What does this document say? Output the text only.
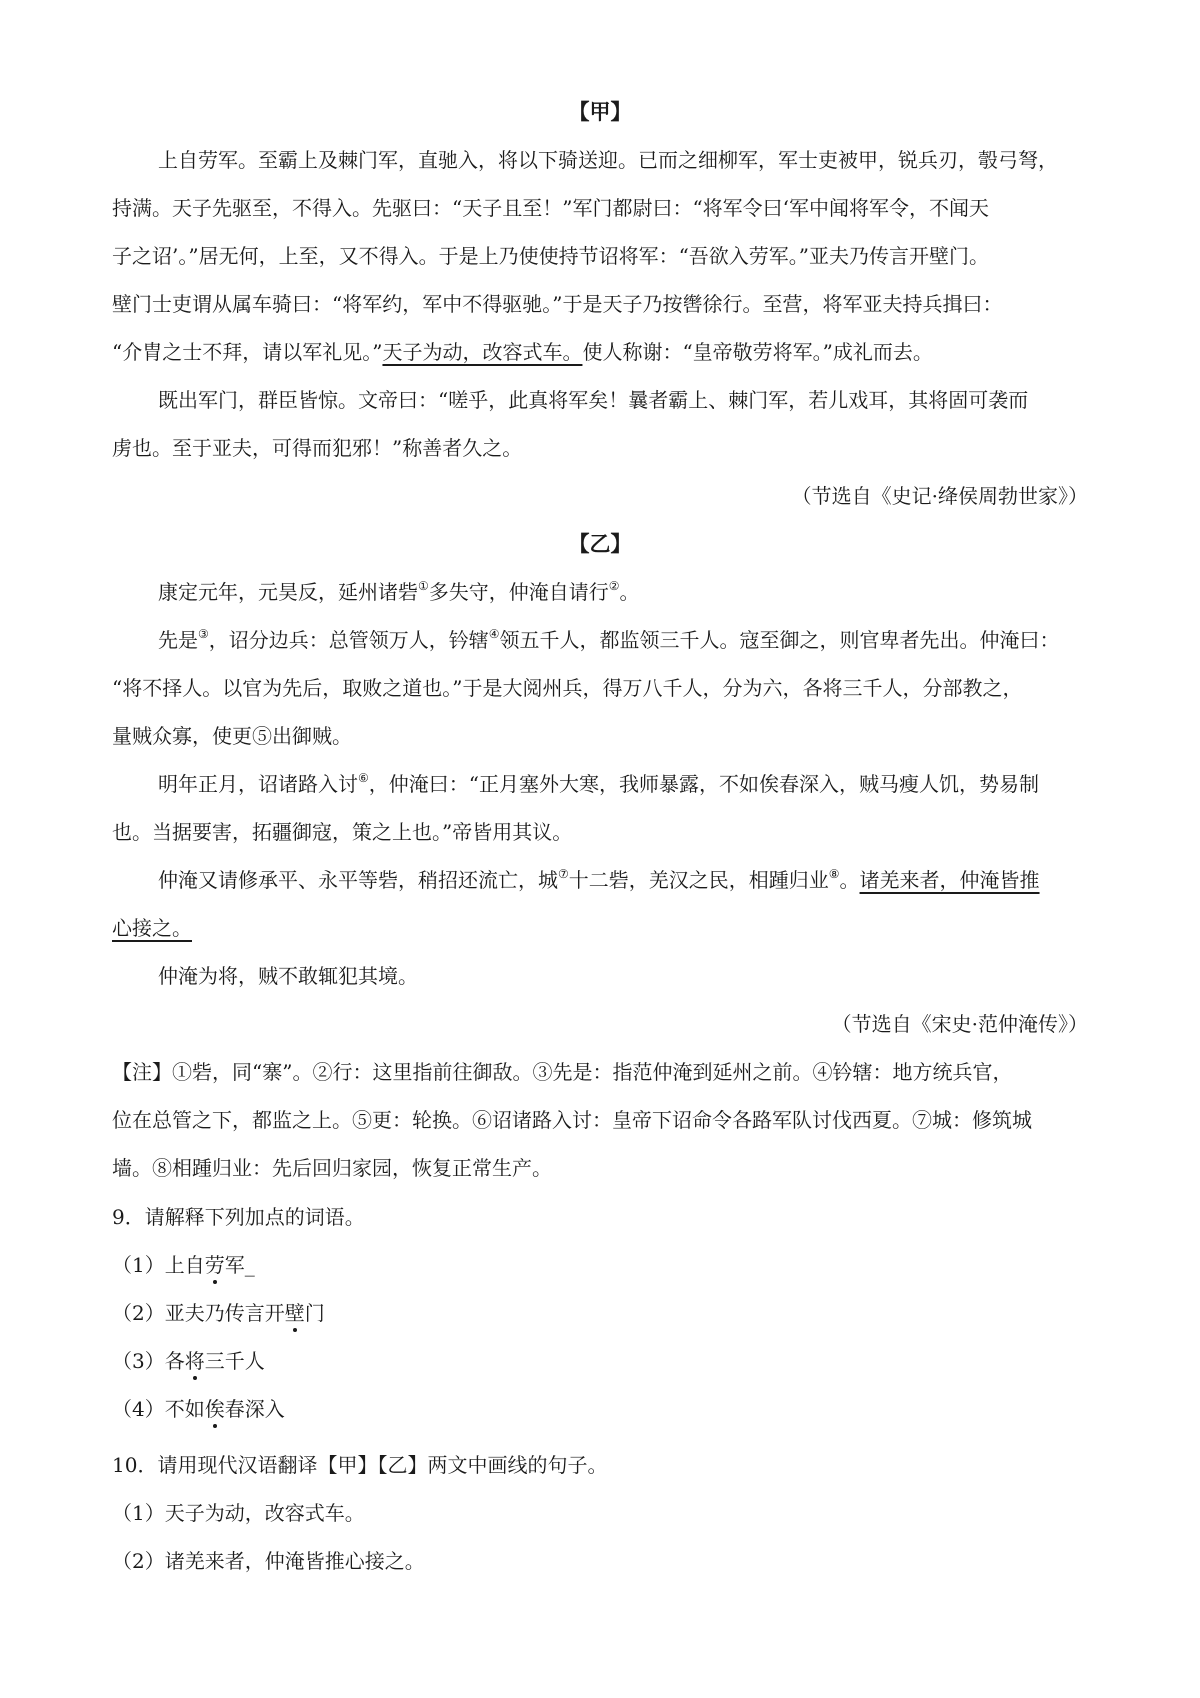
【甲】
上自劳军。至霸上及棘门军，直驰入，将以下骑送迎。已而之细柳军，军士吏被甲，锐兵刃，彀弓弩，
持满。天子先驱至，不得入。先驱曰：“天子且至！”军门都尉曰：“将军令曰‘军中闻将军令，不闻天
子之诏’。”居无何，上至，又不得入。于是上乃使使持节诏将军：“吾欲入劳军。”亚夫乃传言开壁门。
壁门士吏谓从属车骑曰：“将军约，军中不得驱驰。”于是天子乃按辔徐行。至营，将军亚夫持兵揖曰：
“介胄之士不拜，请以军礼见。”天子为动，改容式车。使人称谢：“皇帝敬劳将军。”成礼而去。
既出军门，群臣皆惊。文帝曰：“嗟乎，此真将军矣！曩者霸上、棘门军，若儿戏耳，其将固可袭而
虏也。至于亚夫，可得而犯邪！”称善者久之。
（节选自《史记·绛侯周勃世家》）
【乙】
康定元年，元昊反，延州诸砦①多失守，仲淹自请行②。
先是③，诏分边兵：总管领万人，钤辖④领五千人，都监领三千人。寇至御之，则官卑者先出。仲淹曰：
“将不择人。以官为先后，取败之道也。”于是大阅州兵，得万八千人，分为六，各将三千人，分部教之，
量贼众寡，使更⑤出御贼。
明年正月，诏诸路入讨⑥，仲淹曰：“正月塞外大寒，我师暴露，不如俟春深入，贼马瘦人饥，势易制
也。当据要害，拓疆御寇，策之上也。”帝皆用其议。
仲淹又请修承平、永平等砦，稍招还流亡，城⑦十二砦，羌汉之民，相踵归业⑧。诸羌来者，仲淹皆推
心接之。
仲淹为将，贼不敢辄犯其境。
（节选自《宋史·范仲淹传》）
【注】①砦，同“寨”。②行：这里指前往御敌。③先是：指范仲淹到延州之前。④钤辖：地方统兵官，
位在总管之下，都监之上。⑤更：轮换。⑥诏诸路入讨：皇帝下诏命令各路军队讨伐西夏。⑦城：修筑城
墙。⑧相踵归业：先后回归家园，恢复正常生产。
9．请解释下列加点的词语。
（1）上自劳军_
（2）亚夫乃传言开壁门
（3）各将三千人
（4）不如俟春深入
10．请用现代汉语翻译【甲】【乙】两文中画线的句子。
（1）天子为动，改容式车。
（2）诸羌来者，仲淹皆推心接之。
